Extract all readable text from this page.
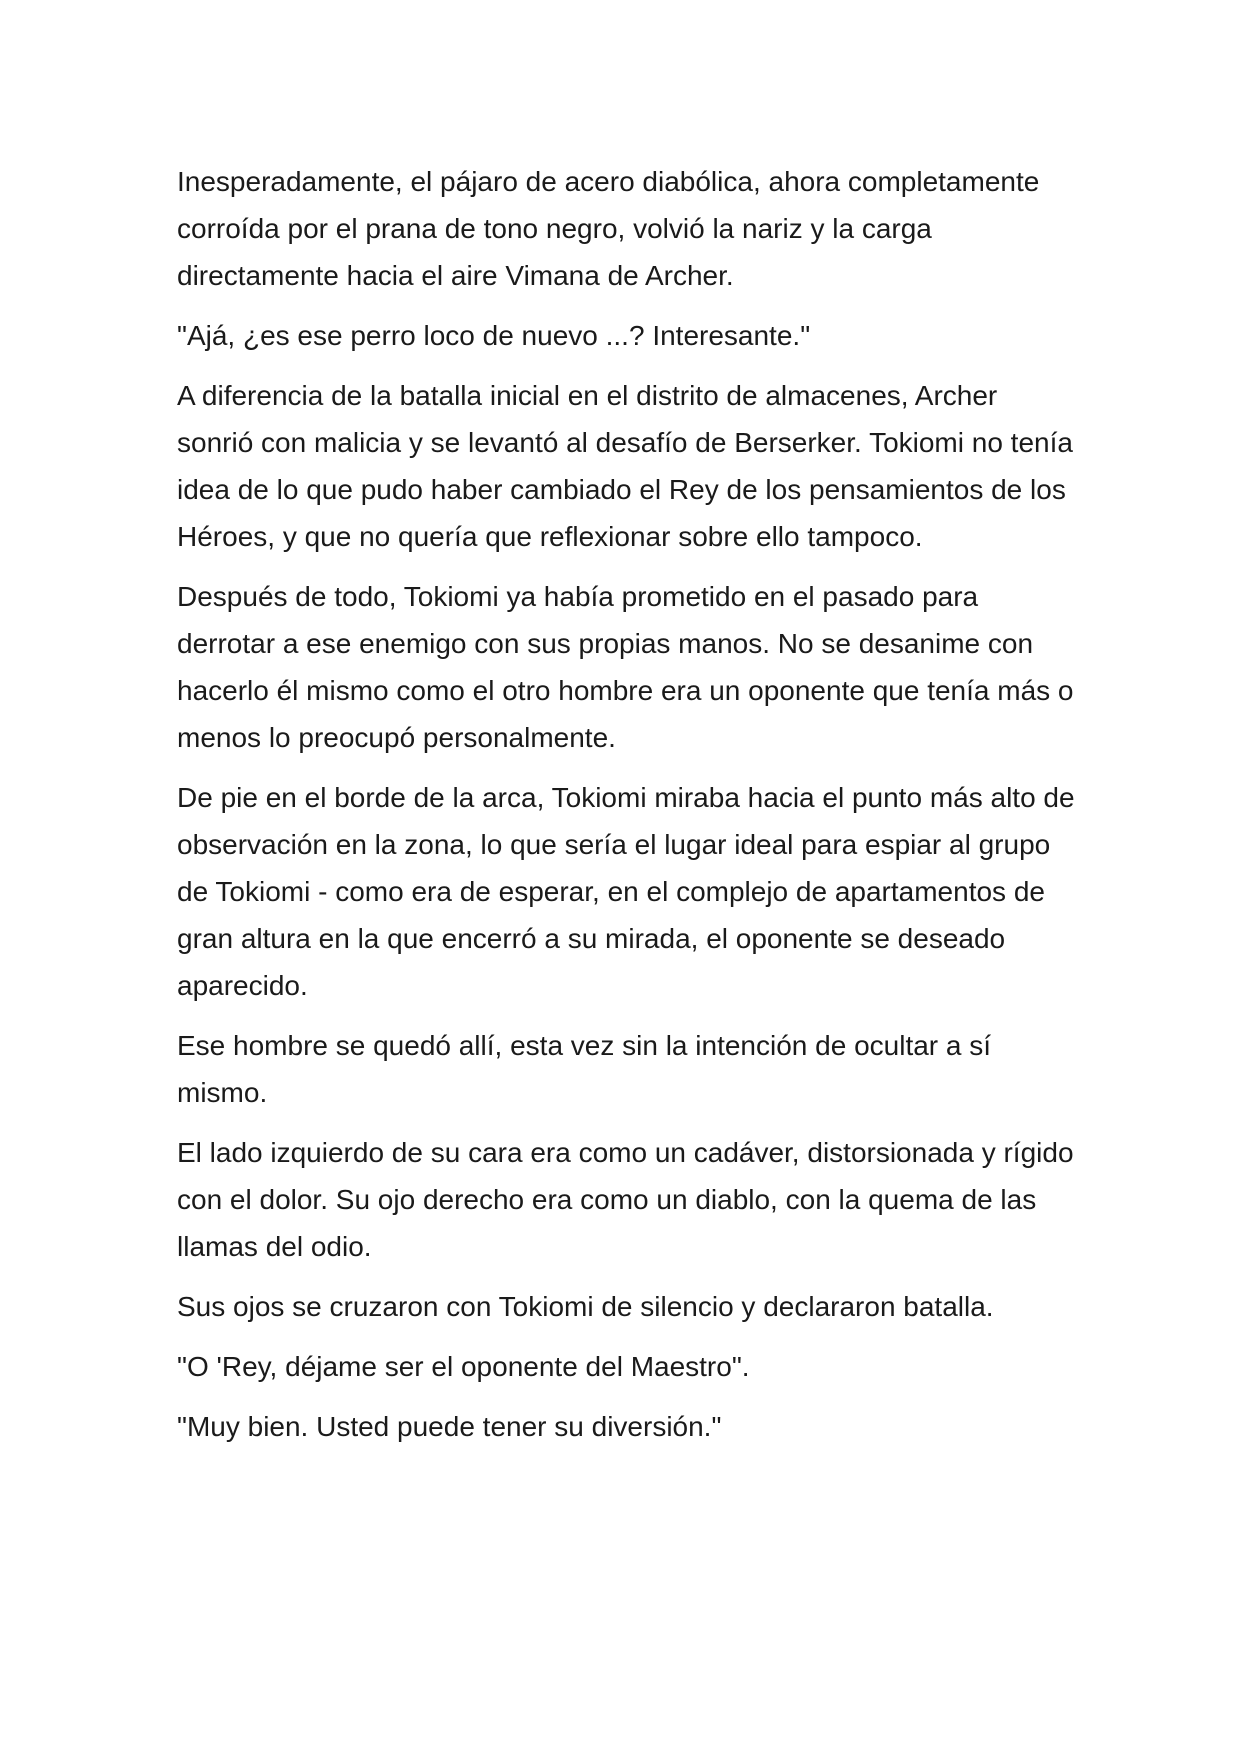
Inesperadamente, el pájaro de acero diabólica, ahora completamente corroída por el prana de tono negro, volvió la nariz y la carga directamente hacia el aire Vimana de Archer.

"Ajá, ¿es ese perro loco de nuevo ...? Interesante."

A diferencia de la batalla inicial en el distrito de almacenes, Archer sonrió con malicia y se levantó al desafío de Berserker. Tokiomi no tenía idea de lo que pudo haber cambiado el Rey de los pensamientos de los Héroes, y que no quería que reflexionar sobre ello tampoco.

Después de todo, Tokiomi ya había prometido en el pasado para derrotar a ese enemigo con sus propias manos. No se desanime con hacerlo él mismo como el otro hombre era un oponente que tenía más o menos lo preocupó personalmente.

De pie en el borde de la arca, Tokiomi miraba hacia el punto más alto de observación en la zona, lo que sería el lugar ideal para espiar al grupo de Tokiomi - como era de esperar, en el complejo de apartamentos de gran altura en la que encerró a su mirada, el oponente se deseado aparecido.

Ese hombre se quedó allí, esta vez sin la intención de ocultar a sí mismo.

El lado izquierdo de su cara era como un cadáver, distorsionada y rígido con el dolor. Su ojo derecho era como un diablo, con la quema de las llamas del odio.

Sus ojos se cruzaron con Tokiomi de silencio y declararon batalla.

"O 'Rey, déjame ser el oponente del Maestro".

"Muy bien. Usted puede tener su diversión."
